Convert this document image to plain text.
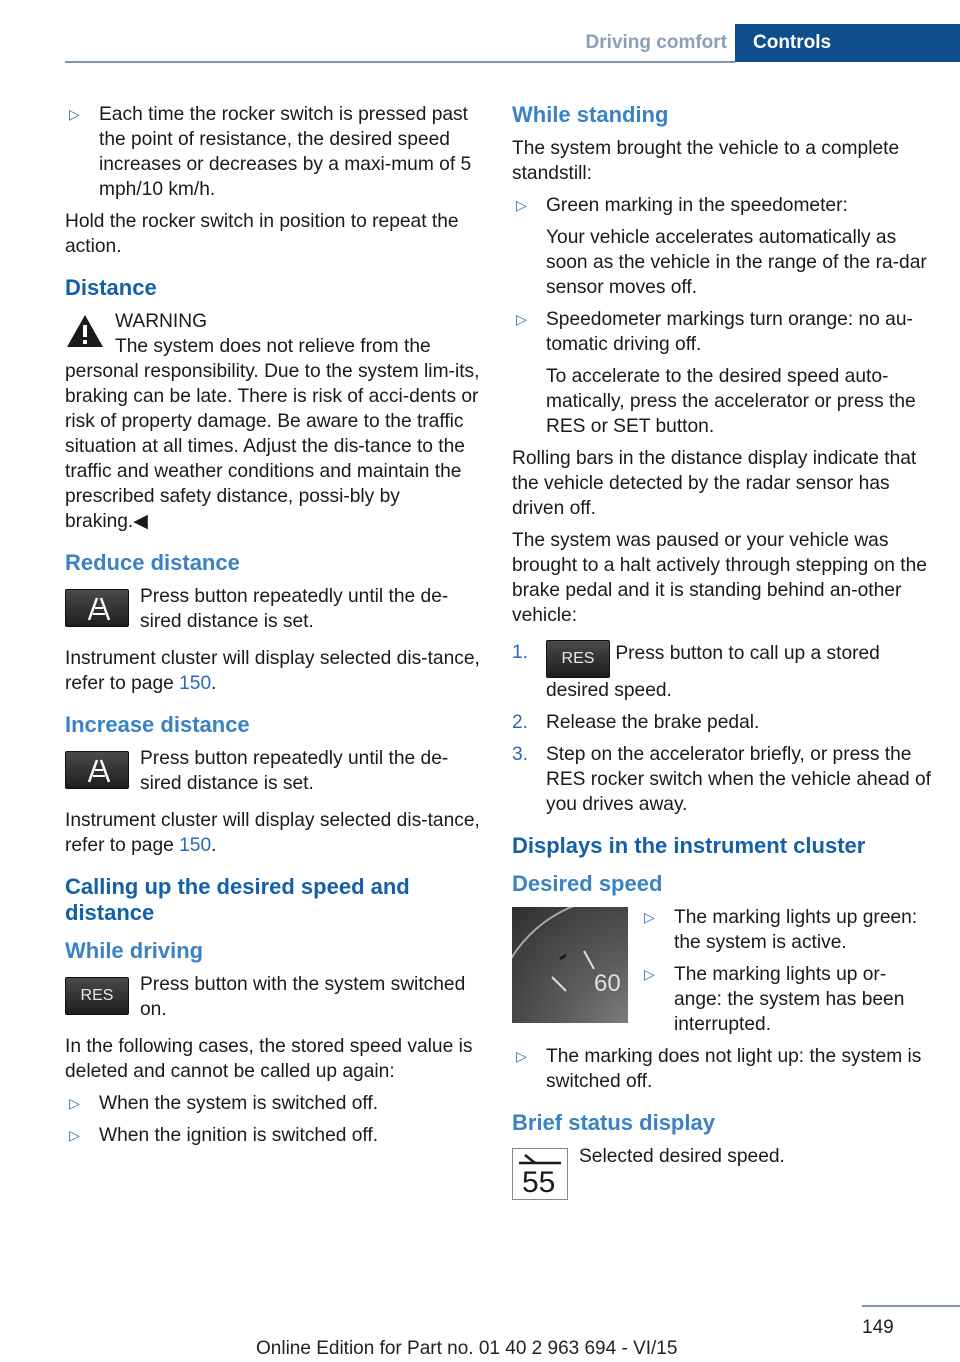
Driving comfort	Controls
▷ Each time the rocker switch is pressed past the point of resistance, the desired speed increases or decreases by a maxi-mum of 5 mph/10 km/h.

Hold the rocker switch in position to repeat the action.

Distance
WARNING
The system does not relieve from the personal responsibility. Due to the system lim-its, braking can be late. There is risk of acci-dents or risk of property damage. Be aware to the traffic situation at all times. Adjust the dis-tance to the traffic and weather conditions and maintain the prescribed safety distance, possi-bly by braking.◀
Reduce distance
Press button repeatedly until the de-sired distance is set.

Instrument cluster will display selected dis-tance, refer to page 150.

Increase distance
Press button repeatedly until the de-sired distance is set.

Instrument cluster will display selected dis-tance, refer to page 150.

Calling up the desired speed and distance
While driving
RES
Press button with the system switched on.

In the following cases, the stored speed value is deleted and cannot be called up again:

▷ When the system is switched off.
▷ When the ignition is switched off.
While standing

The system brought the vehicle to a complete standstill:

▷ Green marking in the speedometer:
Your vehicle accelerates automatically as soon as the vehicle in the range of the ra-dar sensor moves off.
▷ Speedometer markings turn orange: no au-tomatic driving off.
To accelerate to the desired speed auto-matically, press the accelerator or press the RES or SET button.

Rolling bars in the distance display indicate that the vehicle detected by the radar sensor has driven off.

The system was paused or your vehicle was brought to a halt actively through stepping on the brake pedal and it is standing behind an-other vehicle:

1. RES Press button to call up a stored desired speed.
2. Release the brake pedal.
3. Step on the accelerator briefly, or press the RES rocker switch when the vehicle ahead of you drives away.
Displays in the instrument cluster
Desired speed
60
▷ The marking lights up green: the system is active.
▷ The marking lights up or-ange: the system has been interrupted.
▷ The marking does not light up: the system is switched off.
Brief status display
55
Selected desired speed.
149
Online Edition for Part no. 01 40 2 963 694 - VI/15
